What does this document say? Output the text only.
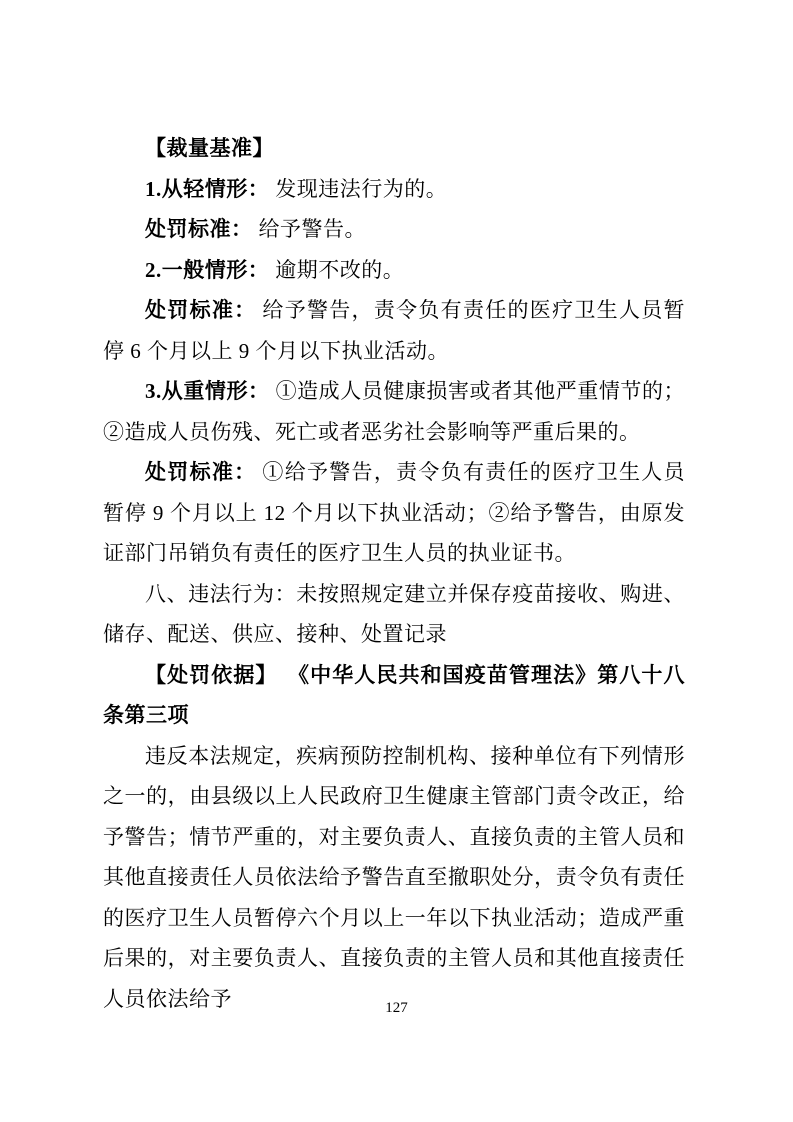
【裁量基准】

1.从轻情形： 发现违法行为的。

处罚标准： 给予警告。

2.一般情形： 逾期不改的。

处罚标准： 给予警告，责令负有责任的医疗卫生人员暂停 6 个月以上 9 个月以下执业活动。

3.从重情形： ①造成人员健康损害或者其他严重情节的；②造成人员伤残、死亡或者恶劣社会影响等严重后果的。

处罚标准： ①给予警告，责令负有责任的医疗卫生人员暂停 9 个月以上 12 个月以下执业活动；②给予警告，由原发证部门吊销负有责任的医疗卫生人员的执业证书。

八、违法行为：未按照规定建立并保存疫苗接收、购进、储存、配送、供应、接种、处置记录

【处罚依据】 《中华人民共和国疫苗管理法》第八十八条第三项

违反本法规定，疾病预防控制机构、接种单位有下列情形之一的，由县级以上人民政府卫生健康主管部门责令改正，给予警告；情节严重的，对主要负责人、直接负责的主管人员和其他直接责任人员依法给予警告直至撤职处分，责令负有责任的医疗卫生人员暂停六个月以上一年以下执业活动；造成严重后果的，对主要负责人、直接负责的主管人员和其他直接责任人员依法给予	127
